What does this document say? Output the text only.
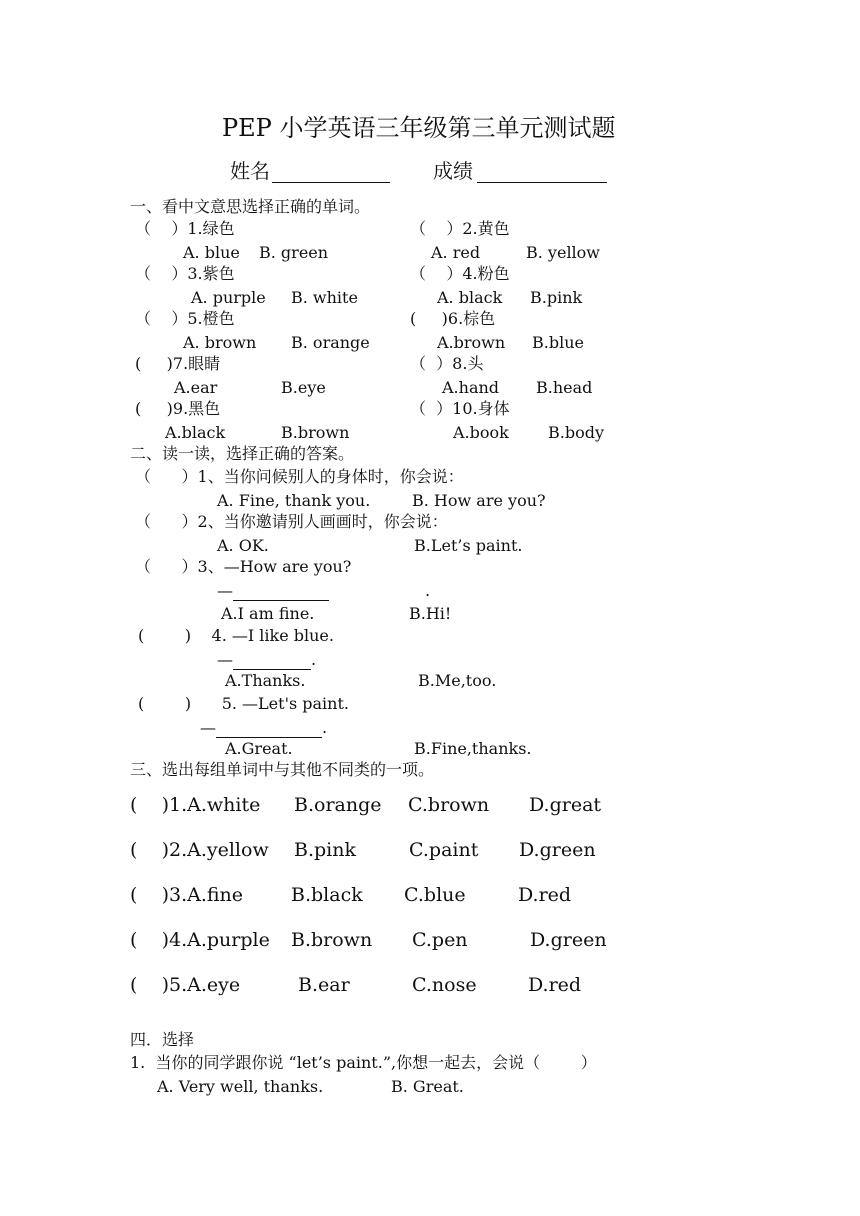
PEP 小学英语三年级第三单元测试题
姓名	成绩
一、看中文意思选择正确的单词。
（    ）1.绿色	（    ）2.黄色
A. blue B. green	A. red	B. yellow
（    ）3.紫色	（    ）4.粉色
A. purple B. white	A. black B.pink
（    ）5.橙色	(     )6.棕色
A. brown B. orange	A.brown B.blue
(     )7.眼睛	（  ）8.头
A.ear	B.eye	A.hand B.head
(     )9.黑色	（  ）10.身体
A.black	B.brown	A.book B.body
二、读一读，选择正确的答案。
（      ）1、当你问候别人的身体时，你会说：
A. Fine, thank you.	B. How are you?
（      ）2、当你邀请别人画画时，你会说：
A. OK.	B.Let’s paint.
（      ）3、—How are you?
—	.
A.I am fine.	B.Hi!
(        )    4. —I like blue.
—	.
A.Thanks.	B.Me,too.
(        )      5. —Let's paint.
—	.
A.Great.	B.Fine,thanks.
三、选出每组单词中与其他不同类的一项。
(    )1.A.white B.orange C.brown D.great
(    )2.A.yellow B.pink	C.paint D.green
(    )3.A.fine	B.black C.blue	D.red
(    )4.A.purple B.brown C.pen	D.green
(    )5.A.eye	B.ear	C.nose	D.red
四．选择
1.  当你的同学跟你说 “let’s paint.”,你想一起去，会说（        ）
A. Very well, thanks.	B. Great.
